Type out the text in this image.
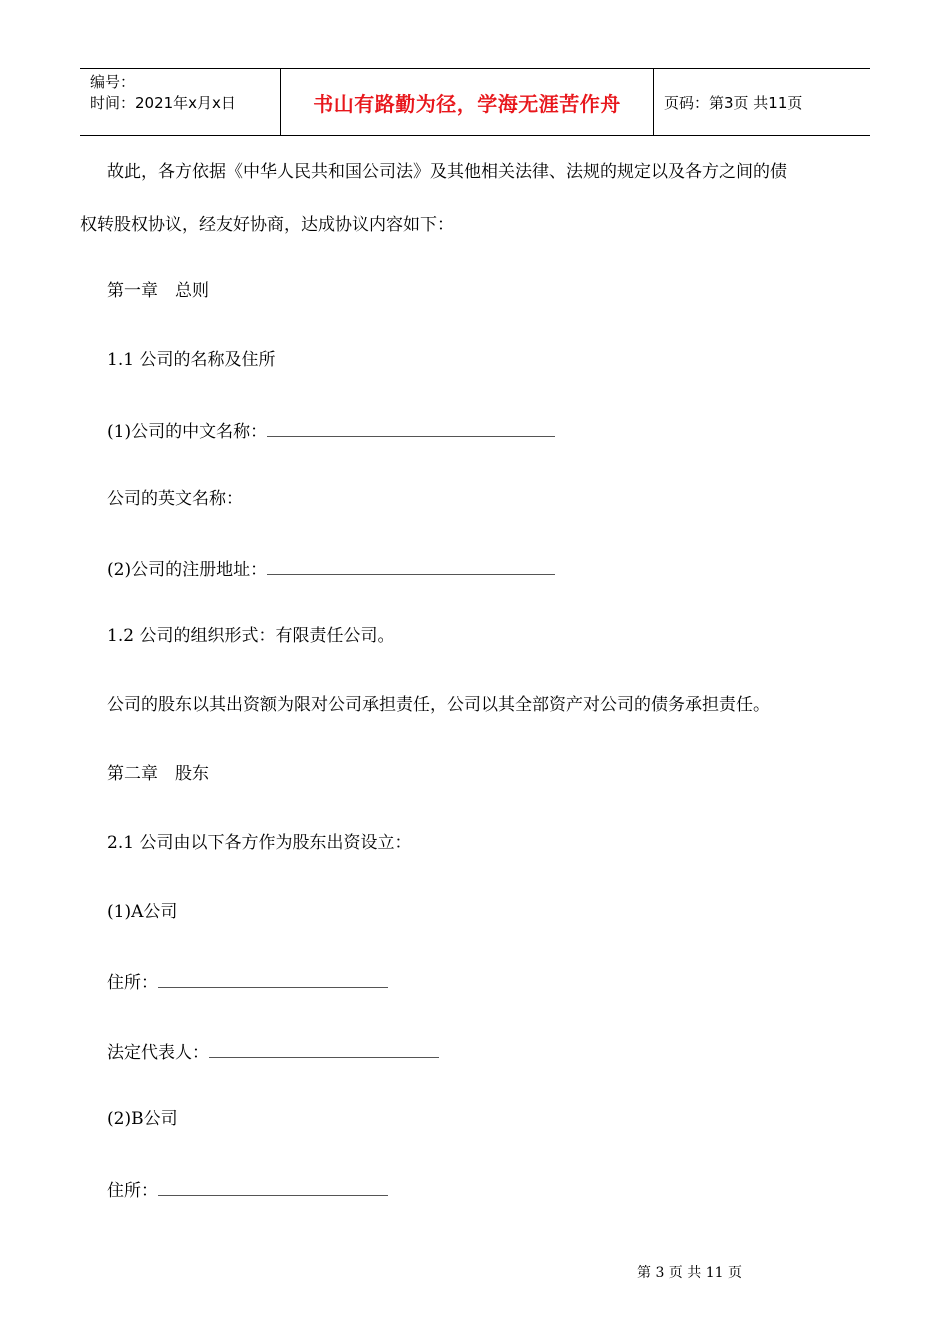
编号：
时间：2021年x月x日	书山有路勤为径，学海无涯苦作舟	页码：第3页 共11页
故此，各方依据《中华人民共和国公司法》及其他相关法律、法规的规定以及各方之间的债
权转股权协议，经友好协商，达成协议内容如下：
第一章　总则
1.1 公司的名称及住所
(1)公司的中文名称：
公司的英文名称：
(2)公司的注册地址：
1.2 公司的组织形式：有限责任公司。
公司的股东以其出资额为限对公司承担责任，公司以其全部资产对公司的债务承担责任。
第二章　股东
2.1 公司由以下各方作为股东出资设立：
(1)A公司
住所：
法定代表人：
(2)B公司
住所：
第 3 页 共 11 页
